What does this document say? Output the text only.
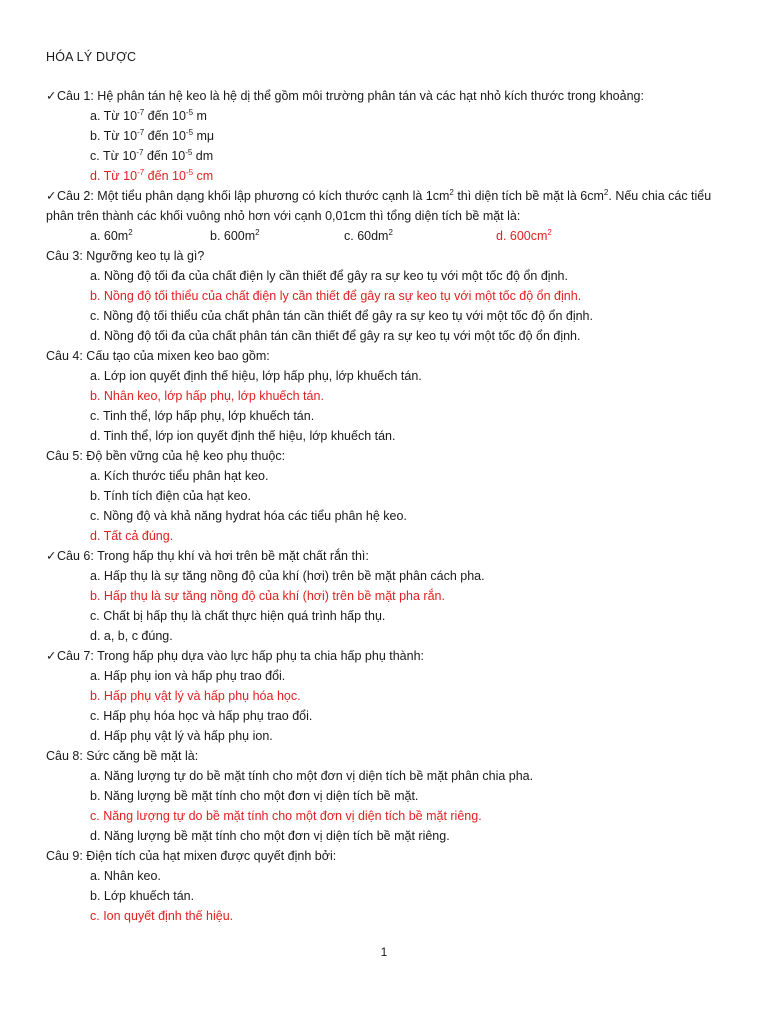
HÓA LÝ DƯỢC
✓Câu 1: Hệ phân tán hệ keo là hệ dị thể gồm môi trường phân tán và các hạt nhỏ kích thước trong khoảng:
a. Từ $10^{-7}$ đến $10^{-5}$ m
b. Từ $10^{-7}$ đến $10^{-5}$ mμ
c. Từ $10^{-7}$ đến $10^{-5}$ dm
d. Từ $10^{-7}$ đến $10^{-5}$ cm
✓Câu 2: Một tiểu phân dạng khối lập phương có kích thước cạnh là $1cm^2$ thì diện tích bề mặt là $6cm^2$. Nếu chia các tiểu phân trên thành các khối vuông nhỏ hơn với cạnh 0,01cm thì tổng diện tích bề mặt là:
a. $60m^2$	b. $600m^2$	c. $60dm^2$	d. $600cm^2$
Câu 3: Ngưỡng keo tụ là gì?
a. Nồng độ tối đa của chất điện ly cần thiết để gây ra sự keo tụ với một tốc độ ổn định.
b. Nồng độ tối thiểu của chất điện ly cần thiết để gây ra sự keo tụ với một tốc độ ổn định.
c. Nồng độ tối thiểu của chất phân tán cần thiết để gây ra sự keo tụ với một tốc độ ổn định.
d. Nồng độ tối đa của chất phân tán cần thiết để gây ra sự keo tụ với một tốc độ ổn định.
Câu 4: Cấu tạo của mixen keo bao gồm:
a. Lớp ion quyết định thế hiệu, lớp hấp phụ, lớp khuếch tán.
b. Nhân keo, lớp hấp phụ, lớp khuếch tán.
c. Tinh thể, lớp hấp phụ, lớp khuếch tán.
d. Tinh thể, lớp ion quyết định thế hiệu, lớp khuếch tán.
Câu 5: Độ bền vững của hệ keo phụ thuộc:
a. Kích thước tiểu phân hạt keo.
b. Tính tích điện của hạt keo.
c. Nồng độ và khả năng hydrat hóa các tiểu phân hệ keo.
d. Tất cả đúng.
✓Câu 6: Trong hấp thụ khí và hơi trên bề mặt chất rắn thì:
a. Hấp thụ là sự tăng nồng độ của khí (hơi) trên bề mặt phân cách pha.
b. Hấp thụ là sự tăng nồng độ của khí (hơi) trên bề mặt pha rắn.
c. Chất bị hấp thụ là chất thực hiện quá trình hấp thụ.
d. a, b, c đúng.
✓Câu 7: Trong hấp phụ dựa vào lực hấp phụ ta chia hấp phụ thành:
a. Hấp phụ ion và hấp phụ trao đổi.
b. Hấp phụ vật lý và hấp phụ hóa học.
c. Hấp phụ hóa học và hấp phụ trao đổi.
d. Hấp phụ vật lý và hấp phụ ion.
Câu 8: Sức căng bề mặt là:
a. Năng lượng tự do bề mặt tính cho một đơn vị diện tích bề mặt phân chia pha.
b. Năng lượng bề mặt tính cho một đơn vị diện tích bề mặt.
c. Năng lượng tự do bề mặt tính cho một đơn vị diện tích bề mặt riêng.
d. Năng lượng bề mặt tính cho một đơn vị diện tích bề mặt riêng.
Câu 9: Điện tích của hạt mixen được quyết định bởi:
a. Nhân keo.
b. Lớp khuếch tán.
c. Ion quyết định thế hiệu.
1
